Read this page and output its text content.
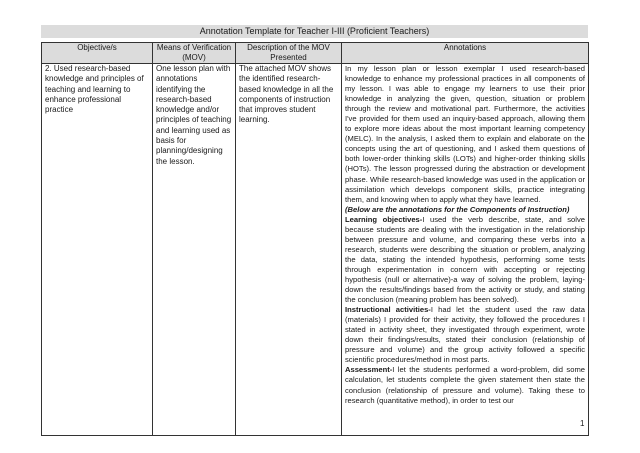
Annotation Template for Teacher I-III (Proficient Teachers)
Objective/s	Means of Verification (MOV)	Description of the MOV Presented	Annotations
2. Used research-based knowledge and principles of teaching and learning to enhance professional practice	One lesson plan with annotations identifying the research-based knowledge and/or principles of teaching and learning used as basis for planning/designing the lesson.	The attached MOV shows the identified research-based knowledge in all the components of instruction that improves student learning.	In my lesson plan or lesson exemplar I used research-based knowledge to enhance my professional practices in all components of my lesson. I was able to engage my learners to use their prior knowledge in analyzing the given, question, situation or problem through the review and motivational part. Furthermore, the activities I've provided for them used an inquiry-based approach, allowing them to explore more ideas about the most important learning competency (MELC). In the analysis, I asked them to explain and elaborate on the concepts using the art of questioning, and I asked them questions of both lower-order thinking skills (LOTs) and higher-order thinking skills (HOTs). The lesson progressed during the abstraction or development phase. While research-based knowledge was used in the application or assimilation which develops component skills, practice integrating them, and knowing when to apply what they have learned.

(Below are the annotations for the Components of Instruction)

Learning objectives-I used the verb describe, state, and solve because students are dealing with the investigation in the relationship between pressure and volume, and comparing these verbs into a research, students were describing the situation or problem, analyzing the data, stating the intended hypothesis, performing some tests through experimentation in concern with accepting or rejecting hypothesis (null or alternative)-a way of solving the problem, laying-down the results/findings based from the activity or study, and stating the conclusion (meaning problem has been solved).

Instructional activities-I had let the student used the raw data (materials) I provided for their activity, they followed the procedures I stated in activity sheet, they investigated through experiment, wrote down their findings/results, stated their conclusion (relationship of pressure and volume) and the group activity followed a specific scientific procedures/method in most parts.

Assessment-I let the students performed a word-problem, did some calculation, let students complete the given statement then state the conclusion (relationship of pressure and volume). Taking these to research (quantitative method), in order to test our

1
